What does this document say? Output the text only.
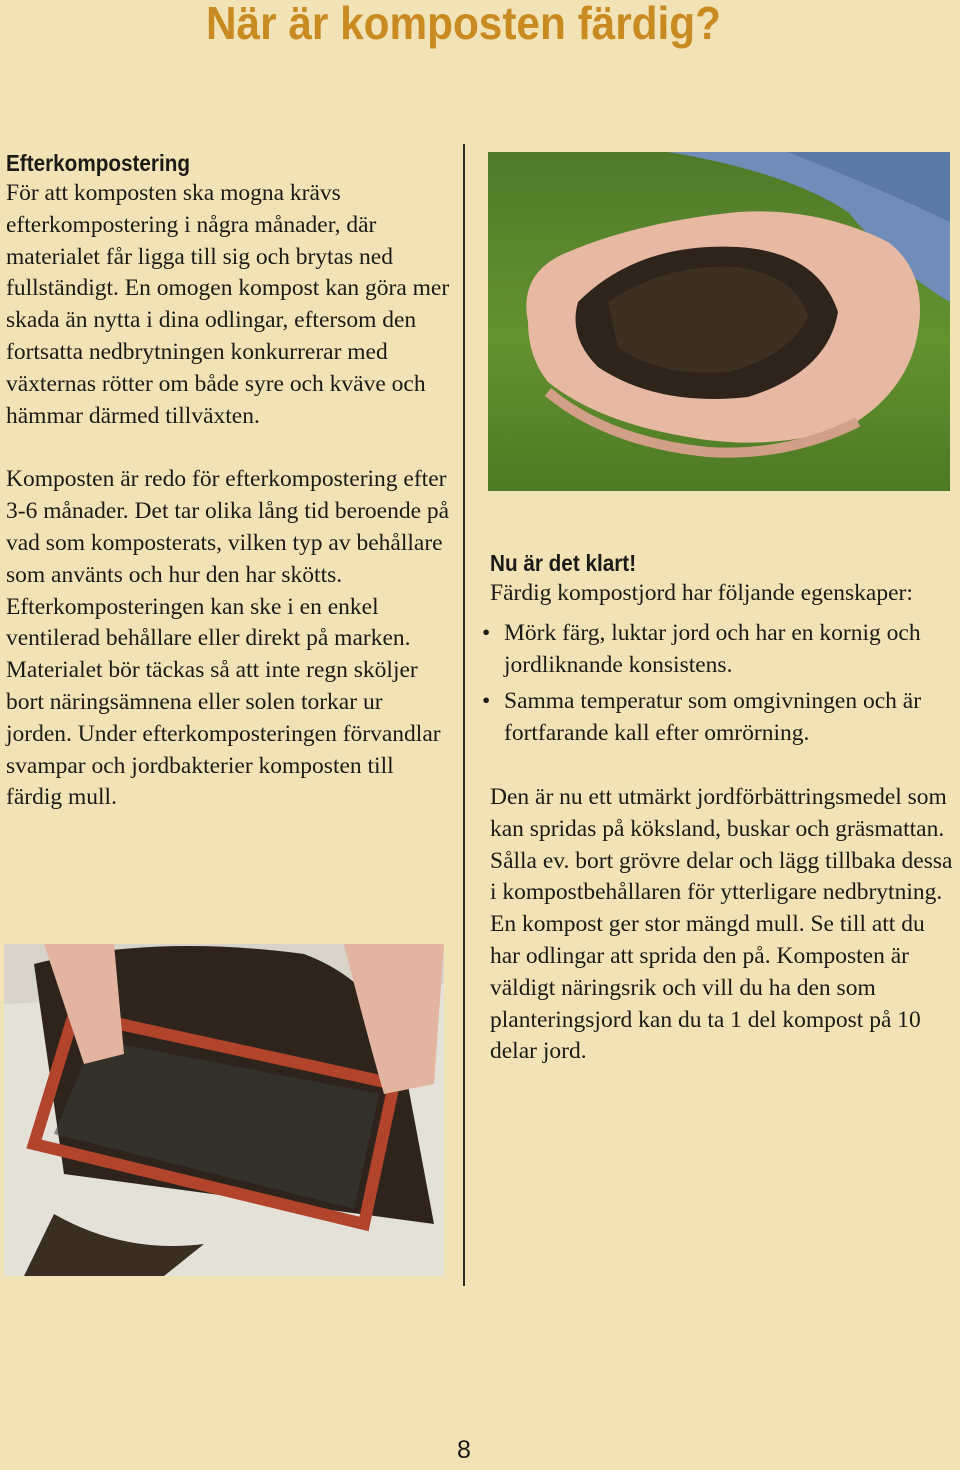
När är komposten färdig?
Efterkompostering

För att komposten ska mogna krävs efterkompostering i några månader, där materialet får ligga till sig och brytas ned fullständigt. En omogen kompost kan göra mer skada än nytta i dina odlingar, eftersom den fortsatta nedbrytningen konkurrerar med växternas rötter om både syre och kväve och hämmar därmed tillväxten.

Komposten är redo för efterkompostering efter 3-6 månader. Det tar olika lång tid beroende på vad som komposterats, vilken typ av behållare som använts och hur den har skötts. Efterkomposteringen kan ske i en enkel ventilerad behållare eller direkt på marken. Materialet bör täckas så att inte regn sköljer bort näringsämnena eller solen torkar ur jorden. Under efterkomposteringen förvandlar svampar och jordbakterier komposten till färdig mull.

Nu är det klart!

Färdig kompostjord har följande egenskaper:

• Mörk färg, luktar jord och har en kornig och jordliknande konsistens.
• Samma temperatur som omgivningen och är fortfarande kall efter omrörning.

Den är nu ett utmärkt jordförbättringsmedel som kan spridas på köksland, buskar och gräsmattan. Sålla ev. bort grövre delar och lägg tillbaka dessa i kompostbehållaren för ytterligare nedbrytning. En kompost ger stor mängd mull. Se till att du har odlingar att sprida den på. Komposten är väldigt näringsrik och vill du ha den som planteringsjord kan du ta 1 del kompost på 10 delar jord.

8
